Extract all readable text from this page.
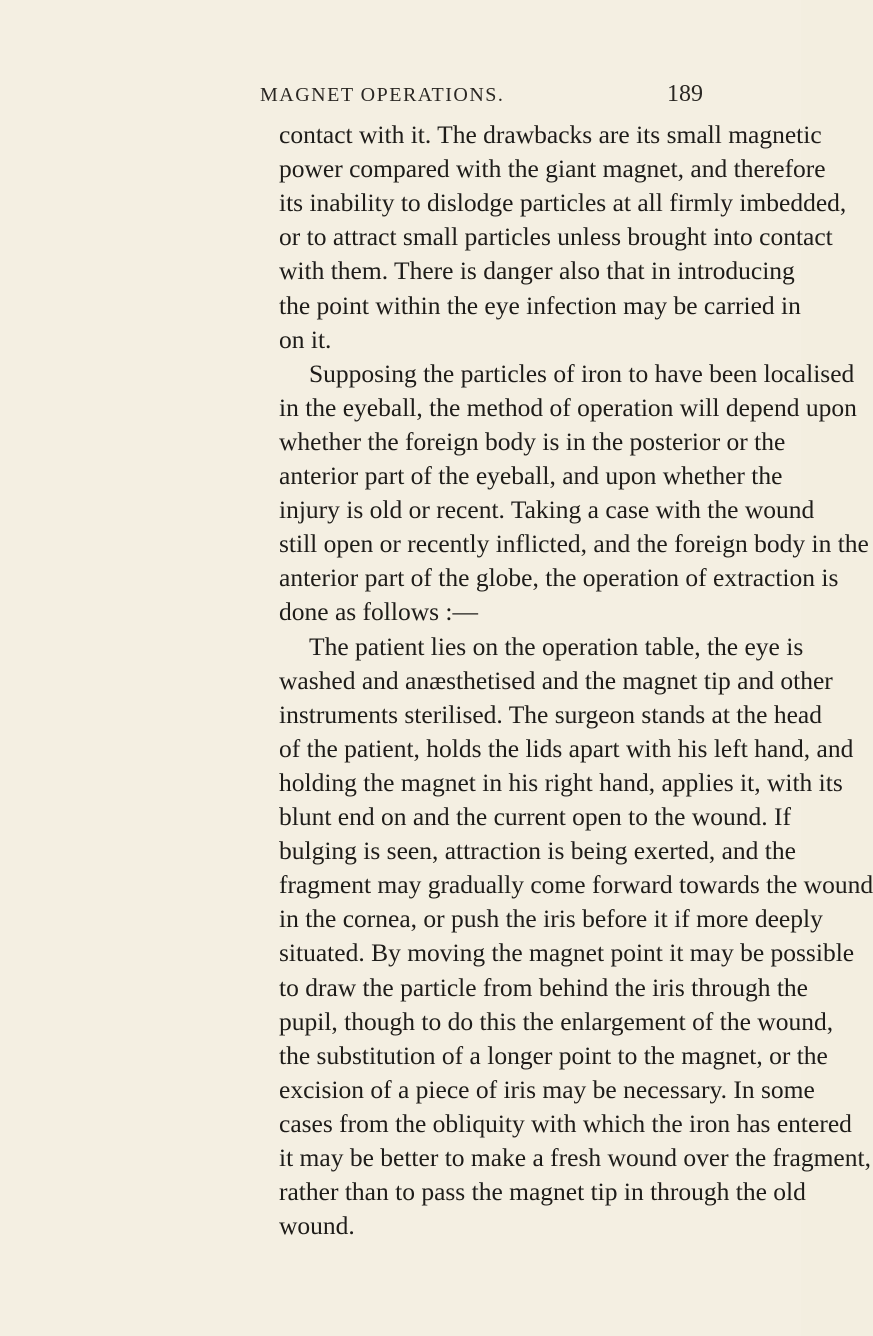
MAGNET OPERATIONS.	189
contact with it. The drawbacks are its small magnetic
power compared with the giant magnet, and therefore
its inability to dislodge particles at all firmly imbedded,
or to attract small particles unless brought into contact
with them. There is danger also that in introducing
the point within the eye infection may be carried in
on it.
Supposing the particles of iron to have been localised
in the eyeball, the method of operation will depend upon
whether the foreign body is in the posterior or the
anterior part of the eyeball, and upon whether the
injury is old or recent. Taking a case with the wound
still open or recently inflicted, and the foreign body in the
anterior part of the globe, the operation of extraction is
done as follows :—
The patient lies on the operation table, the eye is
washed and anæsthetised and the magnet tip and other
instruments sterilised. The surgeon stands at the head
of the patient, holds the lids apart with his left hand, and
holding the magnet in his right hand, applies it, with its
blunt end on and the current open to the wound. If
bulging is seen, attraction is being exerted, and the
fragment may gradually come forward towards the wound
in the cornea, or push the iris before it if more deeply
situated. By moving the magnet point it may be possible
to draw the particle from behind the iris through the
pupil, though to do this the enlargement of the wound,
the substitution of a longer point to the magnet, or the
excision of a piece of iris may be necessary. In some
cases from the obliquity with which the iron has entered
it may be better to make a fresh wound over the fragment,
rather than to pass the magnet tip in through the old
wound.
